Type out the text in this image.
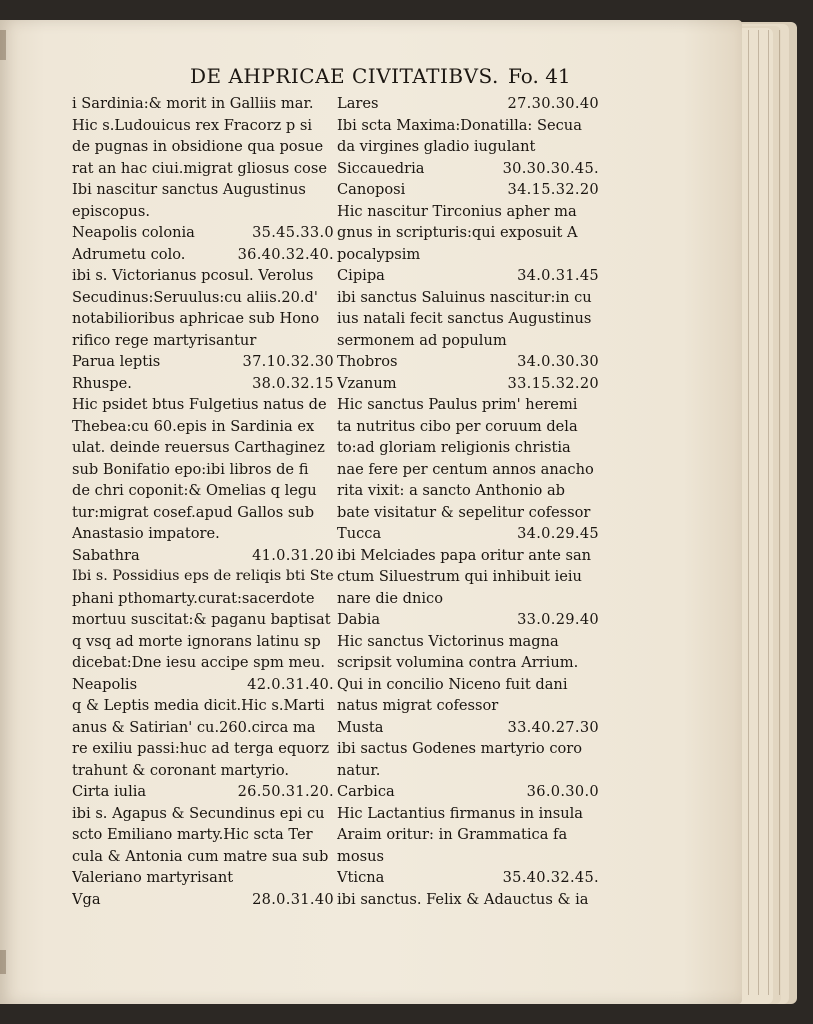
DE AHPRICAE CIVITATIBVS. Fo. 41
i Sardinia:& morit in Galliis mar.
Hic s.Ludouicus rex Fracorz p si
de pugnas in obsidione qua posue
rat an hac ciui.migrat gliosus cose
Ibi nascitur sanctus Augustinus
episcopus.
Neapolis colonia	35.45.33.0
Adrumetu colo.	36.40.32.40.
ibi s. Victorianus pcosul. Verolus
Secudinus:Seruulus:cu aliis.20.d'
notabilioribus aphricae sub Hono
rifico rege martyrisantur
Parua leptis	37.10.32.30
Rhuspe.	38.0.32.15
Hic psidet btus Fulgetius natus de
Thebea:cu 60.epis in Sardinia ex
ulat. deinde reuersus Carthaginez
sub Bonifatio epo:ibi libros de fi
de chri coponit:& Omelias q legu
tur:migrat cosef.apud Gallos sub
Anastasio impatore.
Sabathra	41.0.31.20
Ibi s. Possidius eps de reliqis bti Ste
phani pthomarty.curat:sacerdote
mortuu suscitat:& paganu baptisat
q vsq ad morte ignorans latinu sp
dicebat:Dne iesu accipe spm meu.
Neapolis	42.0.31.40.
q & Leptis media dicit.Hic s.Marti
anus & Satirian' cu.260.circa ma
re exiliu passi:huc ad terga equorz
trahunt & coronant martyrio.
Cirta iulia	26.50.31.20.
ibi s. Agapus & Secundinus epi cu
scto Emiliano marty.Hic scta Ter
cula & Antonia cum matre sua sub
Valeriano martyrisant
Vga	28.0.31.40
Lares	27.30.30.40
Ibi scta Maxima:Donatilla: Secua
da virgines gladio iugulant
Siccauedria	30.30.30.45.
Canoposi	34.15.32.20
Hic nascitur Tirconius apher ma
gnus in scripturis:qui exposuit A
pocalypsim
Cipipa	34.0.31.45
ibi sanctus Saluinus nascitur:in cu
ius natali fecit sanctus Augustinus
sermonem ad populum
Thobros	34.0.30.30
Vzanum	33.15.32.20
Hic sanctus Paulus prim' heremi
ta nutritus cibo per coruum dela
to:ad gloriam religionis christia
nae fere per centum annos anacho
rita vixit: a sancto Anthonio ab
bate visitatur & sepelitur cofessor
Tucca	34.0.29.45
ibi Melciades papa oritur ante san
ctum Siluestrum qui inhibuit ieiu
nare die dnico
Dabia	33.0.29.40
Hic sanctus Victorinus magna
scripsit volumina contra Arrium.
Qui in concilio Niceno fuit dani
natus migrat cofessor
Musta	33.40.27.30
ibi sactus Godenes martyrio coro
natur.
Carbica	36.0.30.0
Hic Lactantius firmanus in insula
Araim oritur: in Grammatica fa
mosus
Vticna	35.40.32.45.
ibi sanctus. Felix & Adauctus & ia
